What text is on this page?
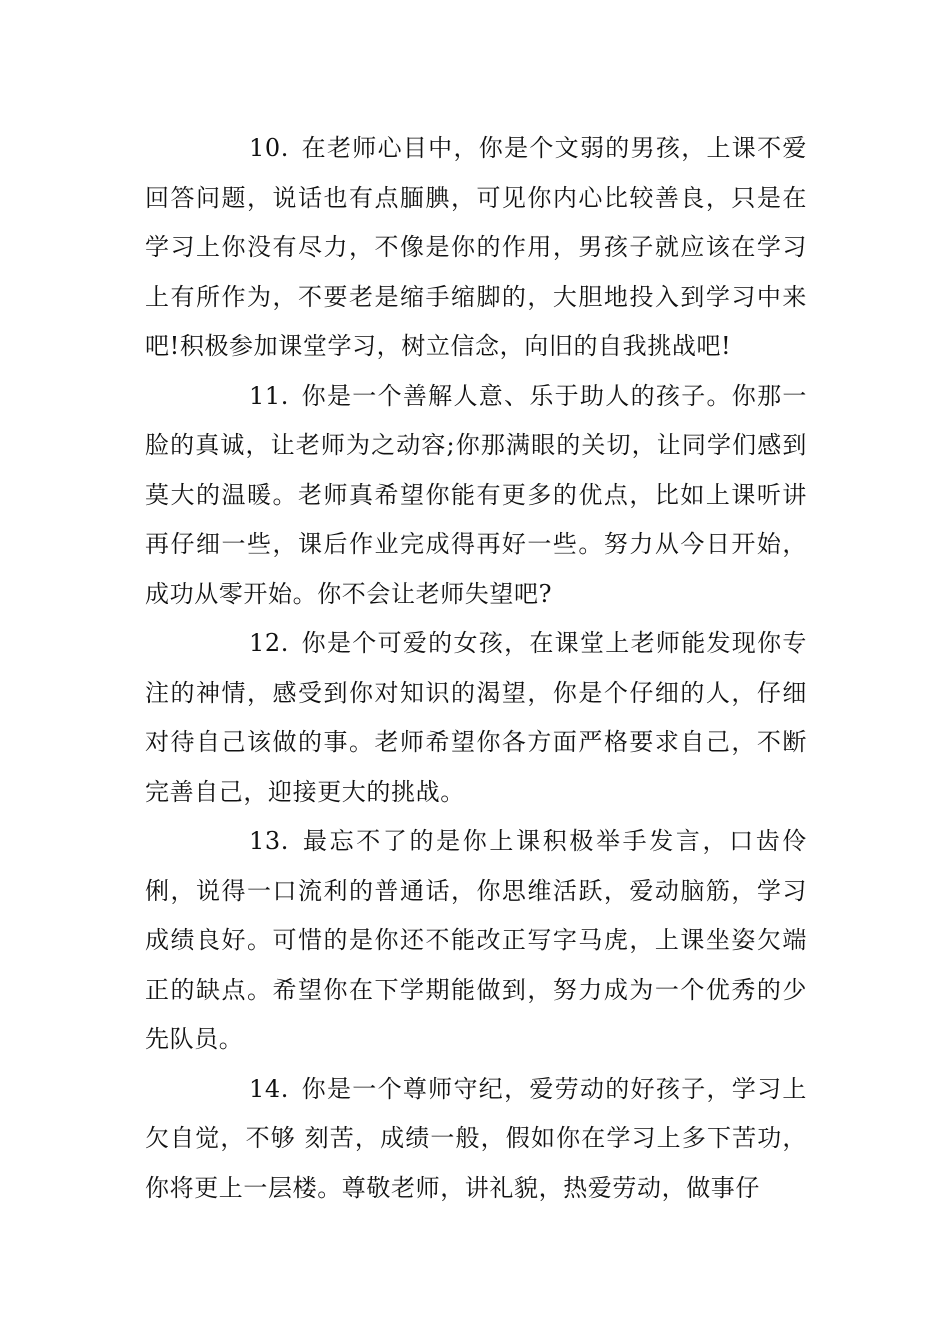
10. 在老师心目中，你是个文弱的男孩，上课不爱回答问题，说话也有点腼腆，可见你内心比较善良，只是在学习上你没有尽力，不像是你的作用，男孩子就应该在学习上有所作为，不要老是缩手缩脚的，大胆地投入到学习中来吧!积极参加课堂学习，树立信念，向旧的自我挑战吧!

11. 你是一个善解人意、乐于助人的孩子。你那一脸的真诚，让老师为之动容;你那满眼的关切，让同学们感到莫大的温暖。老师真希望你能有更多的优点，比如上课听讲再仔细一些，课后作业完成得再好一些。努力从今日开始，成功从零开始。你不会让老师失望吧?

12. 你是个可爱的女孩，在课堂上老师能发现你专注的神情，感受到你对知识的渴望，你是个仔细的人，仔细对待自己该做的事。老师希望你各方面严格要求自己，不断完善自己，迎接更大的挑战。

13. 最忘不了的是你上课积极举手发言，口齿伶俐，说得一口流利的普通话，你思维活跃，爱动脑筋，学习成绩良好。可惜的是你还不能改正写字马虎，上课坐姿欠端正的缺点。希望你在下学期能做到，努力成为一个优秀的少先队员。

14. 你是一个尊师守纪，爱劳动的好孩子，学习上欠自觉，不够 刻苦，成绩一般，假如你在学习上多下苦功，你将更上一层楼。尊敬老师，讲礼貌，热爱劳动，做事仔
